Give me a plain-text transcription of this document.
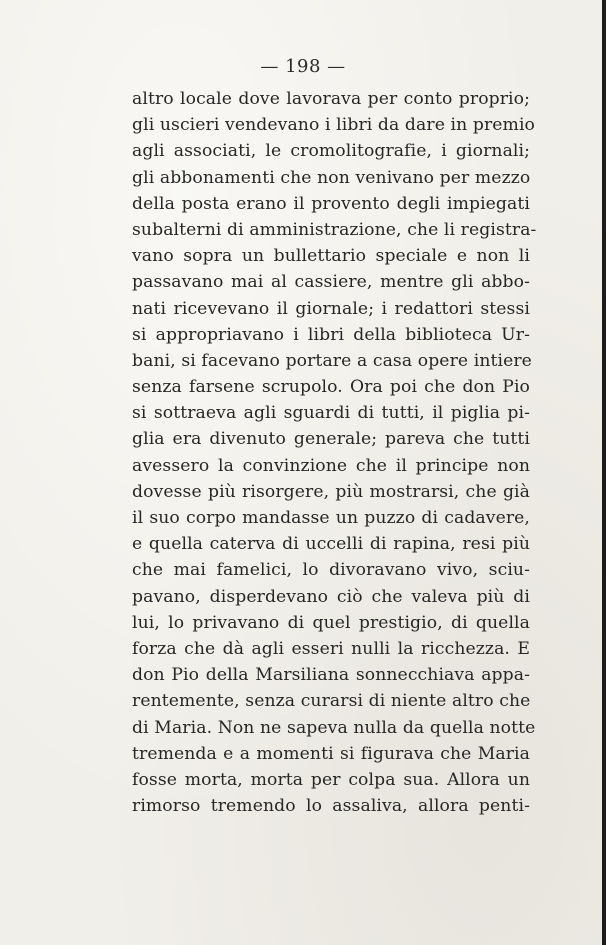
— 198 —
altro locale dove lavorava per conto proprio;
gli uscieri vendevano i libri da dare in premio
agli associati, le cromolitografie, i giornali;
gli abbonamenti che non venivano per mezzo
della posta erano il provento degli impiegati
subalterni di amministrazione, che li registra-
vano sopra un bullettario speciale e non li
passavano mai al cassiere, mentre gli abbo-
nati ricevevano il giornale; i redattori stessi
si appropriavano i libri della biblioteca Ur-
bani, si facevano portare a casa opere intiere
senza farsene scrupolo. Ora poi che don Pio
si sottraeva agli sguardi di tutti, il piglia pi-
glia era divenuto generale; pareva che tutti
avessero la convinzione che il principe non
dovesse più risorgere, più mostrarsi, che già
il suo corpo mandasse un puzzo di cadavere,
e quella caterva di uccelli di rapina, resi più
che mai famelici, lo divoravano vivo, sciu-
pavano, disperdevano ciò che valeva più di
lui, lo privavano di quel prestigio, di quella
forza che dà agli esseri nulli la ricchezza. E
don Pio della Marsiliana sonnecchiava appa-
rentemente, senza curarsi di niente altro che
di Maria. Non ne sapeva nulla da quella notte
tremenda e a momenti si figurava che Maria
fosse morta, morta per colpa sua. Allora un
rimorso tremendo lo assaliva, allora penti-
